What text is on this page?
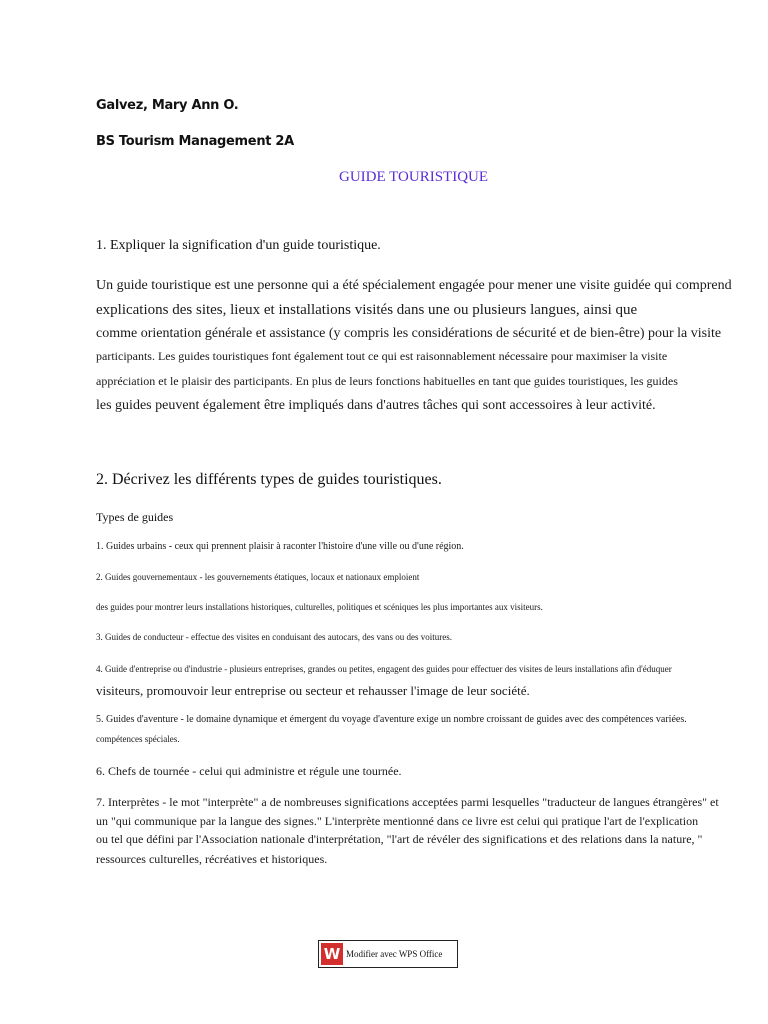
Galvez, Mary Ann O.
BS Tourism Management 2A
GUIDE TOURISTIQUE
1. Expliquer la signification d'un guide touristique.
Un guide touristique est une personne qui a été spécialement engagée pour mener une visite guidée qui comprend
explications des sites, lieux et installations visités dans une ou plusieurs langues, ainsi que
comme orientation générale et assistance (y compris les considérations de sécurité et de bien-être) pour la visite
participants. Les guides touristiques font également tout ce qui est raisonnablement nécessaire pour maximiser la visite
appréciation et le plaisir des participants. En plus de leurs fonctions habituelles en tant que guides touristiques, les guides
les guides peuvent également être impliqués dans d'autres tâches qui sont accessoires à leur activité.
2. Décrivez les différents types de guides touristiques.
Types de guides
1. Guides urbains - ceux qui prennent plaisir à raconter l'histoire d'une ville ou d'une région.
2. Guides gouvernementaux - les gouvernements étatiques, locaux et nationaux emploient
des guides pour montrer leurs installations historiques, culturelles, politiques et scéniques les plus importantes aux visiteurs.
3. Guides de conducteur - effectue des visites en conduisant des autocars, des vans ou des voitures.
4. Guide d'entreprise ou d'industrie - plusieurs entreprises, grandes ou petites, engagent des guides pour effectuer des visites de leurs installations afin d'éduquer
visiteurs, promouvoir leur entreprise ou secteur et rehausser l'image de leur société.
5. Guides d'aventure - le domaine dynamique et émergent du voyage d'aventure exige un nombre croissant de guides avec des compétences variées.
compétences spéciales.
6. Chefs de tournée - celui qui administre et régule une tournée.
7. Interprètes - le mot "interprète" a de nombreuses significations acceptées parmi lesquelles "traducteur de langues étrangères" et
un "qui communique par la langue des signes." L'interprète mentionné dans ce livre est celui qui pratique l'art de l'explication
ou tel que défini par l'Association nationale d'interprétation, "l'art de révéler des significations et des relations dans la nature, "
ressources culturelles, récréatives et historiques.
W Modifier avec WPS Office
